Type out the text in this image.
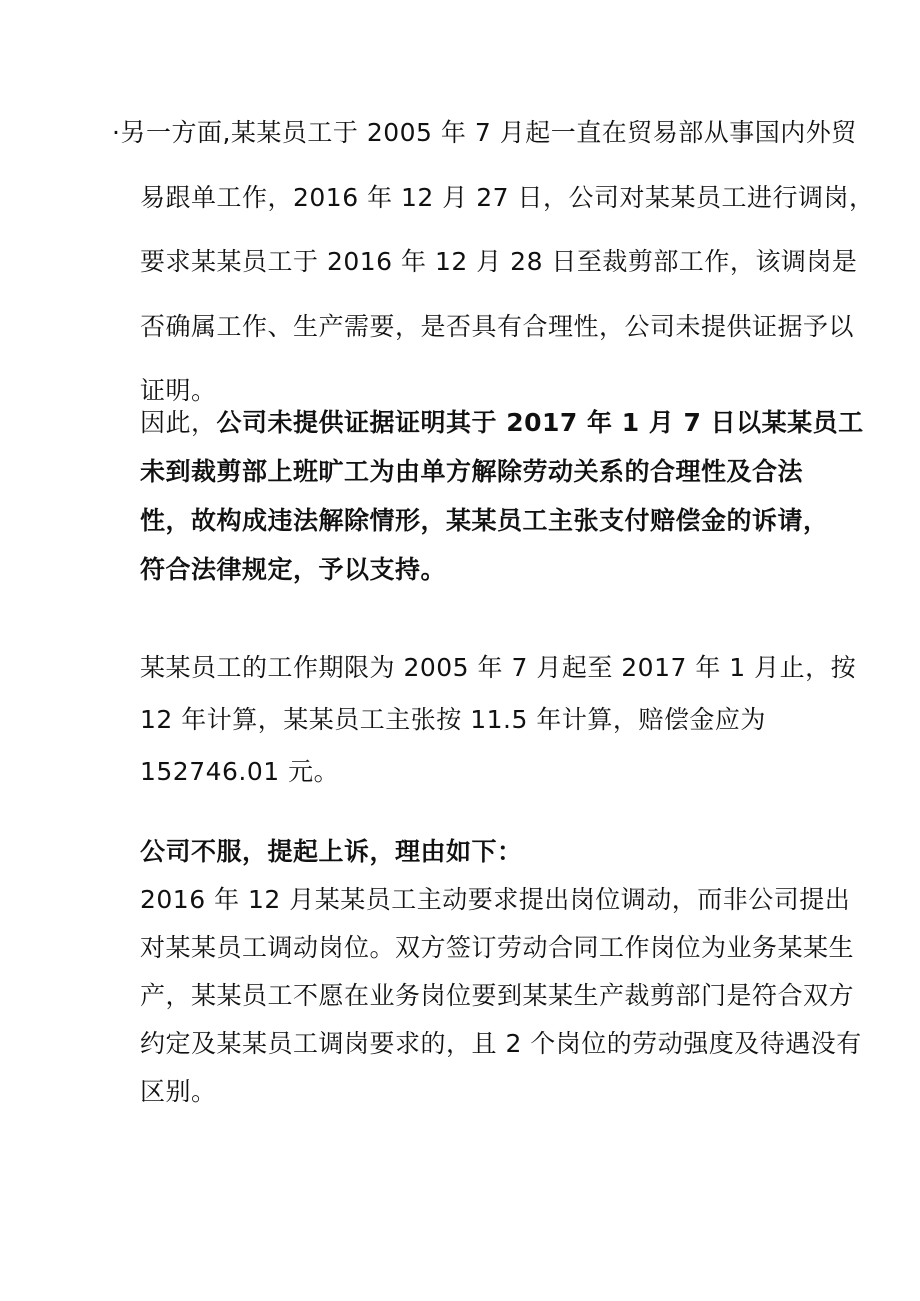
·另一方面,某某员工于 2005 年 7 月起一直在贸易部从事国内外贸
易跟单工作，2016 年 12 月 27 日，公司对某某员工进行调岗，
要求某某员工于 2016 年 12 月 28 日至裁剪部工作，该调岗是
否确属工作、生产需要，是否具有合理性，公司未提供证据予以
证明。
因此，公司未提供证据证明其于 2017 年 1 月 7 日以某某员工
未到裁剪部上班旷工为由单方解除劳动关系的合理性及合法
性，故构成违法解除情形，某某员工主张支付赔偿金的诉请，
符合法律规定，予以支持。
某某员工的工作期限为 2005 年 7 月起至 2017 年 1 月止，按
12 年计算，某某员工主张按 11.5 年计算，赔偿金应为
152746.01 元。
公司不服，提起上诉，理由如下：
2016 年 12 月某某员工主动要求提出岗位调动，而非公司提出
对某某员工调动岗位。双方签订劳动合同工作岗位为业务某某生
产，某某员工不愿在业务岗位要到某某生产裁剪部门是符合双方
约定及某某员工调岗要求的，且 2 个岗位的劳动强度及待遇没有
区别。
